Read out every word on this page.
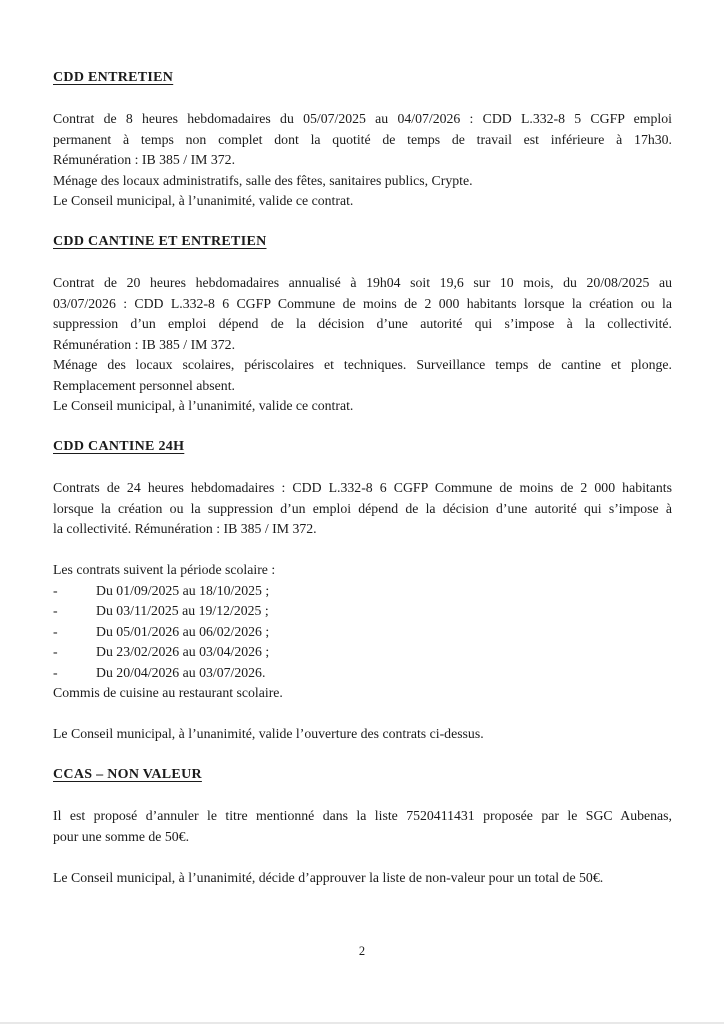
CDD ENTRETIEN
Contrat de 8 heures hebdomadaires du 05/07/2025 au 04/07/2026 : CDD L.332-8 5 CGFP emploi
permanent à temps non complet dont la quotité de temps de travail est inférieure à 17h30.
Rémunération : IB 385 / IM 372.
Ménage des locaux administratifs, salle des fêtes, sanitaires publics, Crypte.
Le Conseil municipal, à l’unanimité, valide ce contrat.
CDD CANTINE ET ENTRETIEN
Contrat de 20 heures hebdomadaires annualisé à 19h04 soit 19,6 sur 10 mois, du 20/08/2025 au
03/07/2026 : CDD L.332-8 6 CGFP Commune de moins de 2 000 habitants lorsque la création ou la
suppression d’un emploi dépend de la décision d’une autorité qui s’impose à la collectivité.
Rémunération : IB 385 / IM 372.
Ménage des locaux scolaires, périscolaires et techniques. Surveillance temps de cantine et plonge.
Remplacement personnel absent.
Le Conseil municipal, à l’unanimité, valide ce contrat.
CDD CANTINE 24H
Contrats de 24 heures hebdomadaires : CDD L.332-8 6 CGFP Commune de moins de 2 000 habitants
lorsque la création ou la suppression d’un emploi dépend de la décision d’une autorité qui s’impose à
la collectivité. Rémunération : IB 385 / IM 372.
Les contrats suivent la période scolaire :
-	Du 01/09/2025 au 18/10/2025 ;
-	Du 03/11/2025 au 19/12/2025 ;
-	Du 05/01/2026 au 06/02/2026 ;
-	Du 23/02/2026 au 03/04/2026 ;
-	Du 20/04/2026 au 03/07/2026.
Commis de cuisine au restaurant scolaire.
Le Conseil municipal, à l’unanimité, valide l’ouverture des contrats ci-dessus.
CCAS – NON VALEUR
Il est proposé d’annuler le titre mentionné dans la liste 7520411431 proposée par le SGC Aubenas,
pour une somme de 50€.
Le Conseil municipal, à l’unanimité, décide d’approuver la liste de non-valeur pour un total de 50€.
2
